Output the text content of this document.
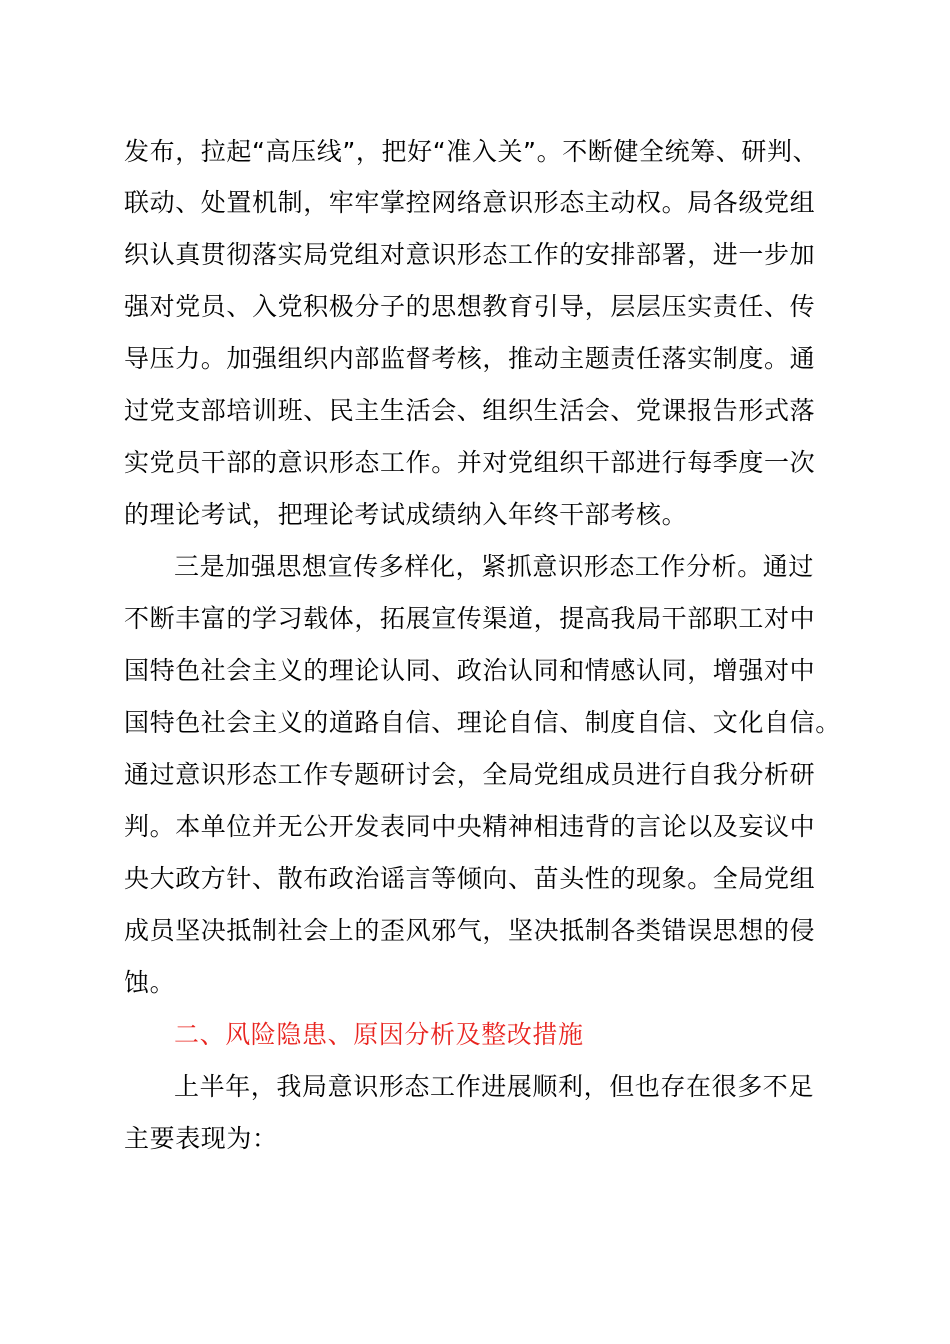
发布，拉起“高压线”，把好“准入关”。不断健全统筹、研判、

联动、处置机制，牢牢掌控网络意识形态主动权。局各级党组

织认真贯彻落实局党组对意识形态工作的安排部署，进一步加

强对党员、入党积极分子的思想教育引导，层层压实责任、传

导压力。加强组织内部监督考核，推动主题责任落实制度。通

过党支部培训班、民主生活会、组织生活会、党课报告形式落

实党员干部的意识形态工作。并对党组织干部进行每季度一次

的理论考试，把理论考试成绩纳入年终干部考核。

三是加强思想宣传多样化，紧抓意识形态工作分析。通过

不断丰富的学习载体，拓展宣传渠道，提高我局干部职工对中

国特色社会主义的理论认同、政治认同和情感认同，增强对中

国特色社会主义的道路自信、理论自信、制度自信、文化自信。

通过意识形态工作专题研讨会，全局党组成员进行自我分析研

判。本单位并无公开发表同中央精神相违背的言论以及妄议中

央大政方针、散布政治谣言等倾向、苗头性的现象。全局党组

成员坚决抵制社会上的歪风邪气，坚决抵制各类错误思想的侵

蚀。

二、风险隐患、原因分析及整改措施

上半年，我局意识形态工作进展顺利，但也存在很多不足

主要表现为：
